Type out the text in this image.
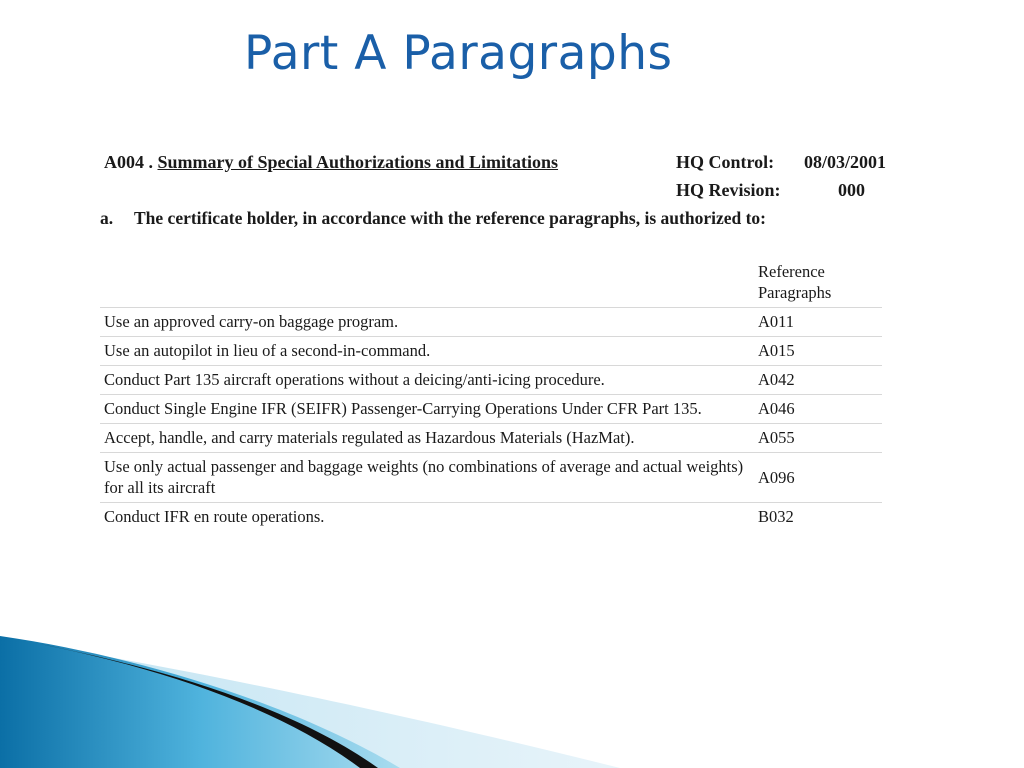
Part A Paragraphs
A004 . Summary of Special Authorizations and Limitations	HQ Control: 08/03/2001
HQ Revision:	000
a. The certificate holder, in accordance with the reference paragraphs, is authorized to:
	Reference
Paragraphs
Use an approved carry-on baggage program.	A011
Use an autopilot in lieu of a second-in-command.	A015
Conduct Part 135 aircraft operations without a deicing/anti-icing procedure.	A042
Conduct Single Engine IFR (SEIFR) Passenger-Carrying Operations Under CFR Part 135.	A046
Accept, handle, and carry materials regulated as Hazardous Materials (HazMat).	A055
Use only actual passenger and baggage weights (no combinations of average and actual weights) for all its aircraft	A096
Conduct IFR en route operations.	B032
